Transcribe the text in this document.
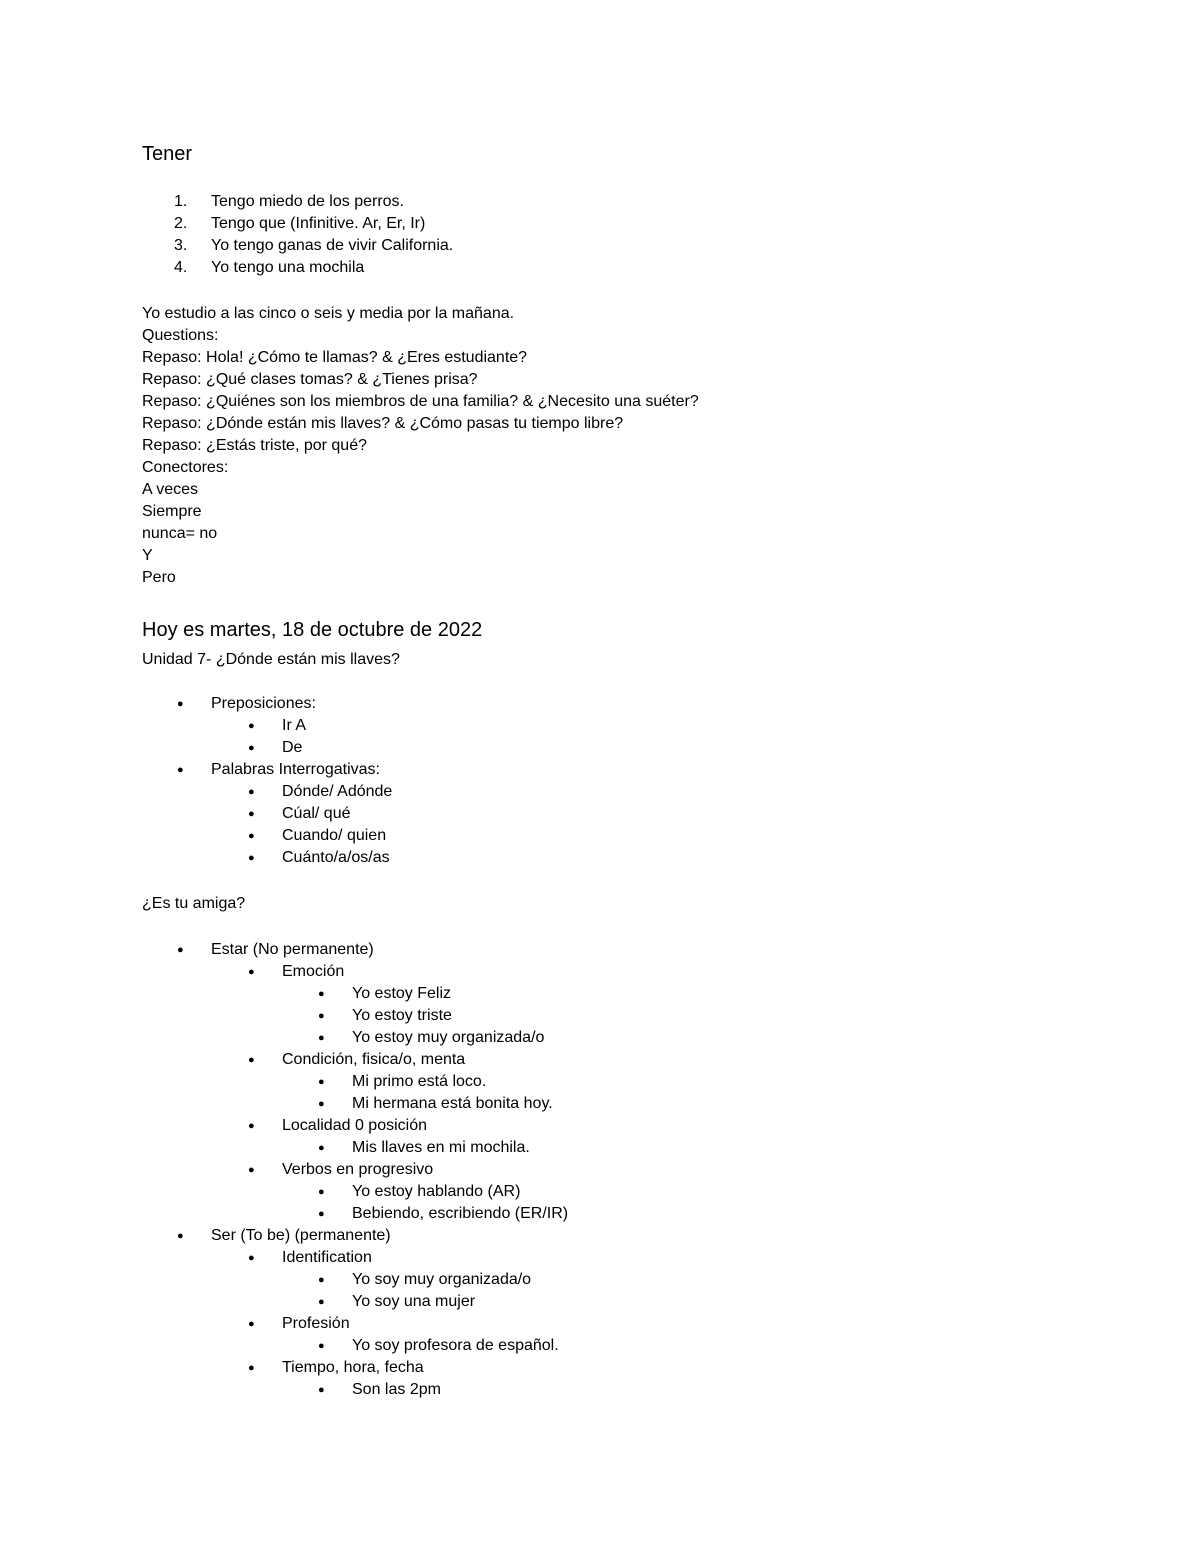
Tener
1. Tengo miedo de los perros.
2. Tengo que (Infinitive. Ar, Er, Ir)
3. Yo tengo ganas de vivir California.
4. Yo tengo una mochila
Yo estudio a las cinco o seis y media por la mañana.
Questions:
Repaso: Hola! ¿Cómo te llamas? & ¿Eres estudiante?
Repaso: ¿Qué clases tomas? & ¿Tienes prisa?
Repaso: ¿Quiénes son los miembros de una familia? & ¿Necesito una suéter?
Repaso: ¿Dónde están mis llaves? & ¿Cómo pasas tu tiempo libre?
Repaso: ¿Estás triste, por qué?
Conectores:
A veces
Siempre
nunca= no
Y
Pero
Hoy es martes, 18 de octubre de 2022
Unidad 7- ¿Dónde están mis llaves?
● Preposiciones:
● Ir A
● De
● Palabras Interrogativas:
● Dónde/ Adónde
● Cúal/ qué
● Cuando/ quien
● Cuánto/a/os/as
¿Es tu amiga?
● Estar (No permanente)
● Emoción
● Yo estoy Feliz
● Yo estoy triste
● Yo estoy muy organizada/o
● Condición, fisica/o, menta
● Mi primo está loco.
● Mi hermana está bonita hoy.
● Localidad 0 posición
● Mis llaves en mi mochila.
● Verbos en progresivo
● Yo estoy hablando (AR)
● Bebiendo, escribiendo (ER/IR)
● Ser (To be) (permanente)
● Identification
● Yo soy muy organizada/o
● Yo soy una mujer
● Profesión
● Yo soy profesora de español.
● Tiempo, hora, fecha
● Son las 2pm
